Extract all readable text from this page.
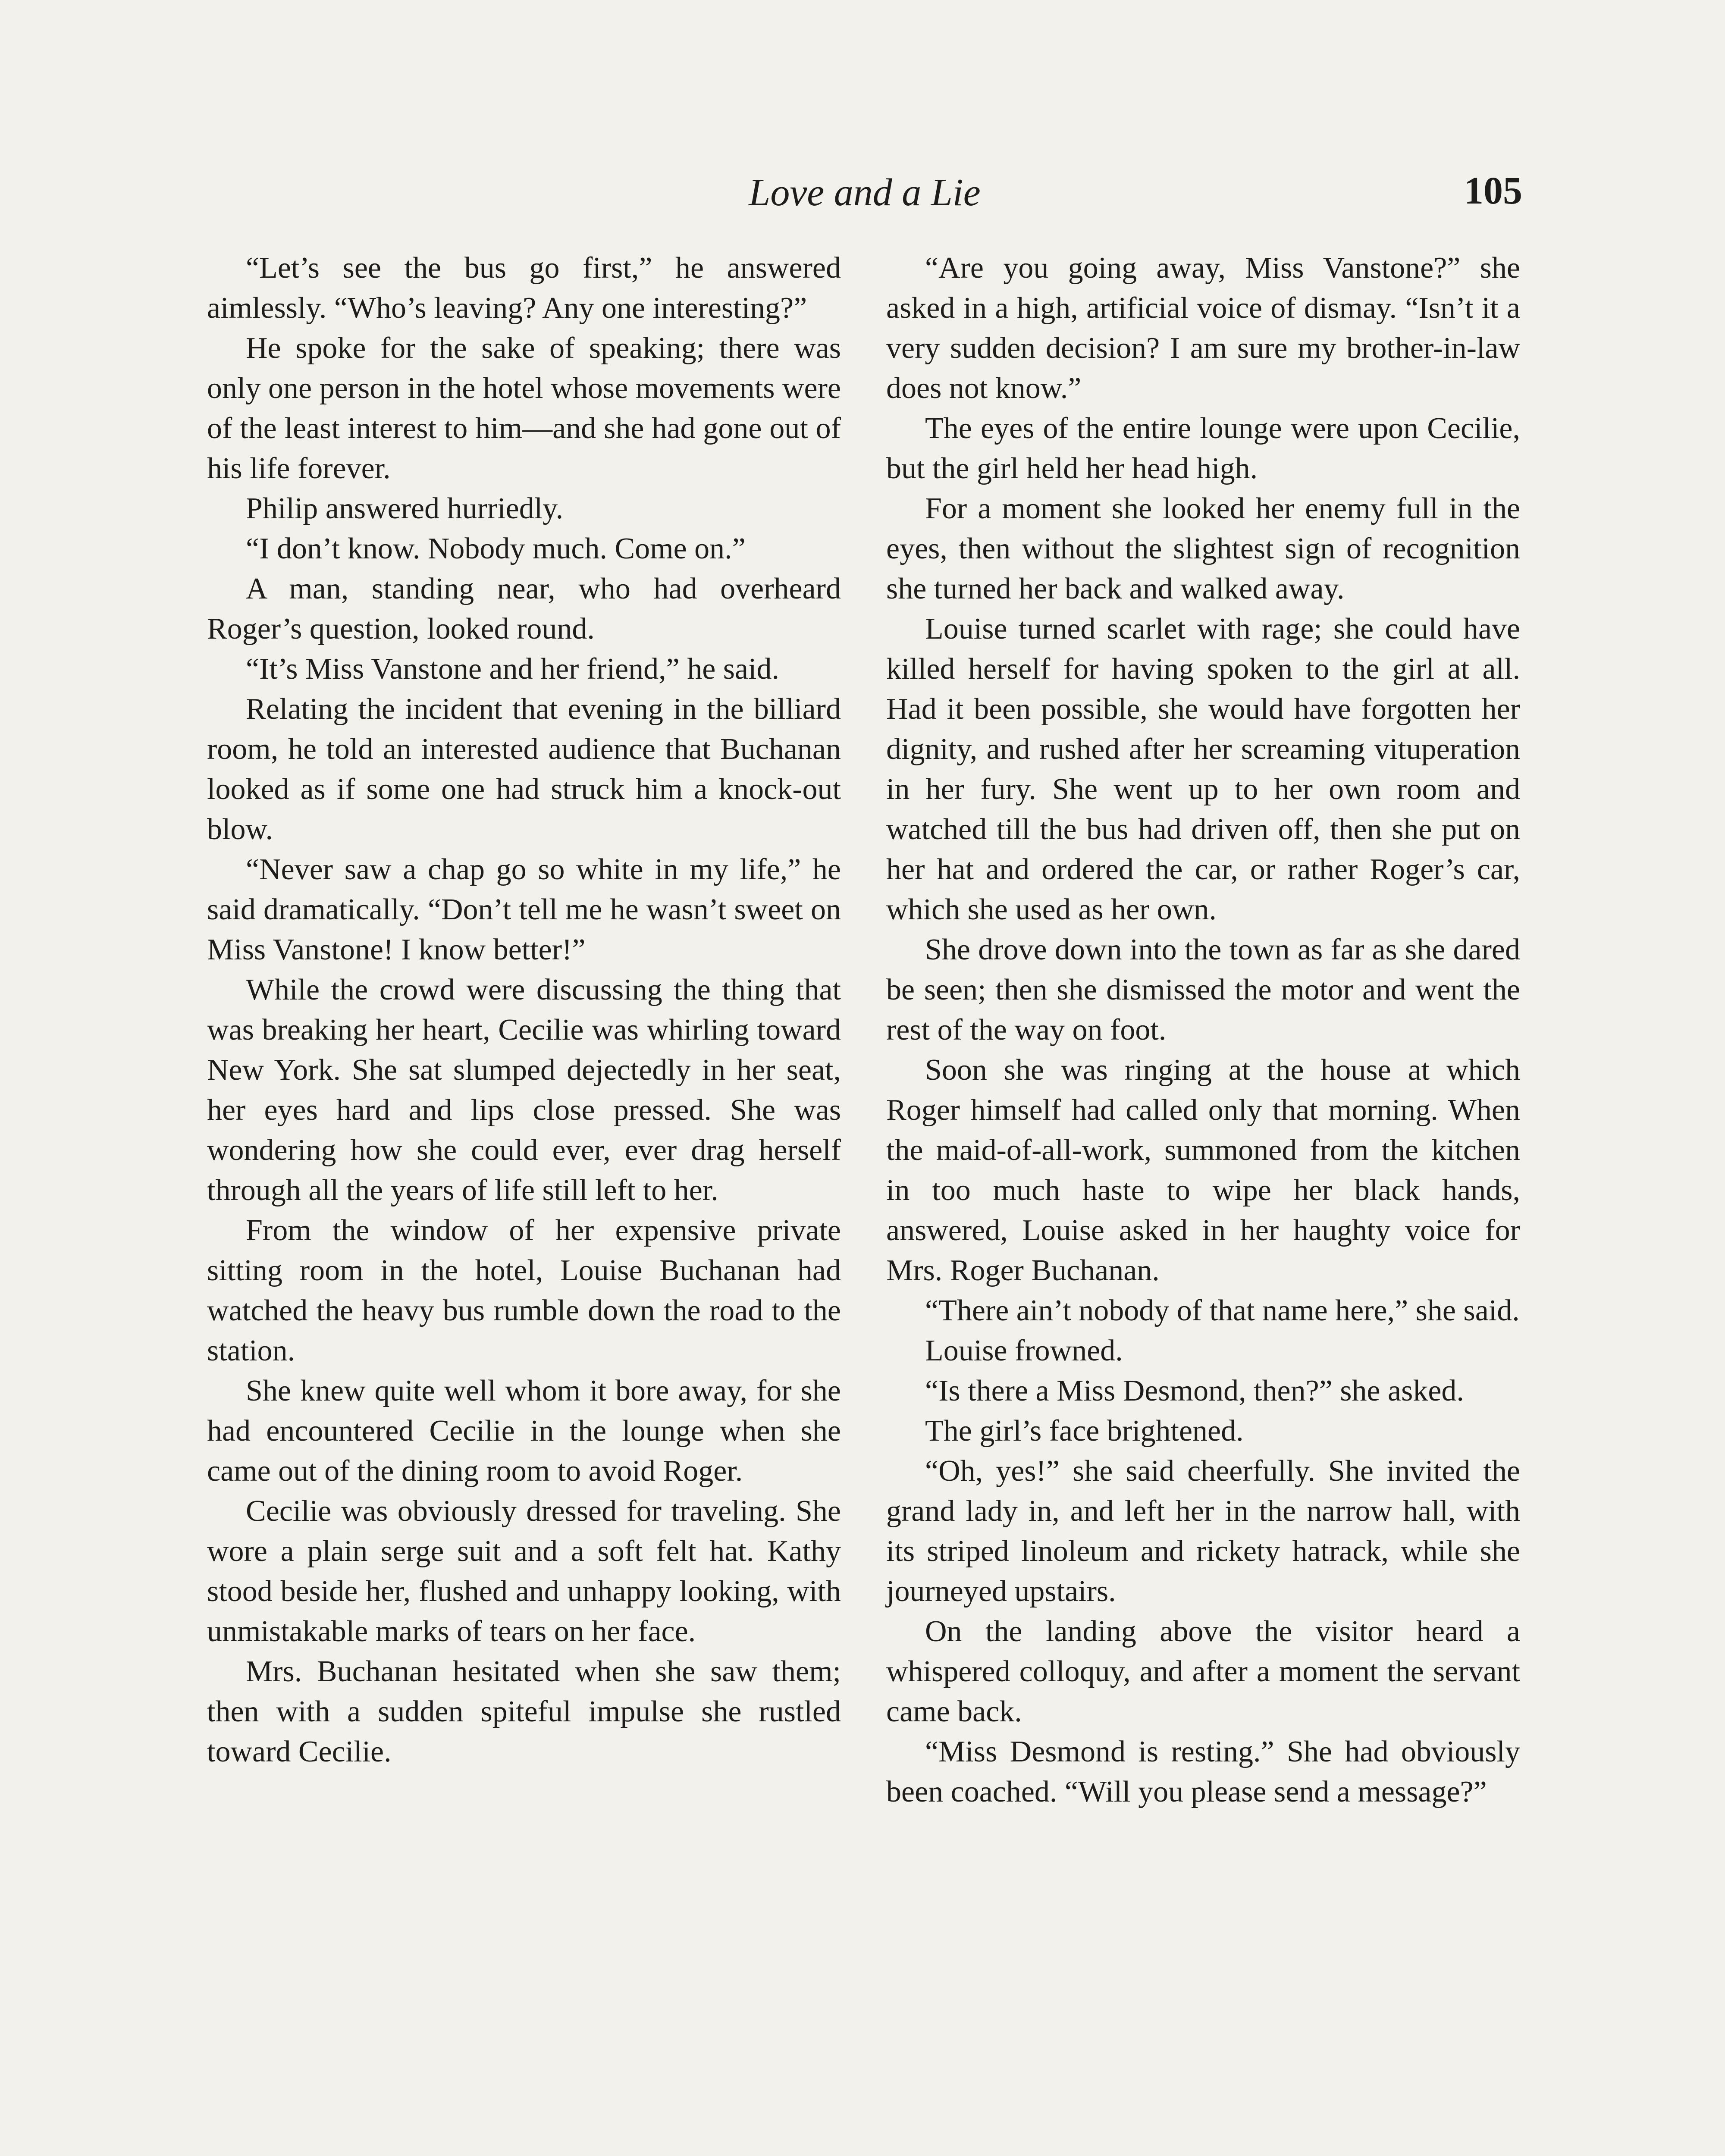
Love and a Lie	105

“Let’s see the bus go first,” he answered aimlessly. “Who’s leaving? Any one interesting?”

He spoke for the sake of speaking; there was only one person in the hotel whose movements were of the least interest to him—and she had gone out of his life forever.

Philip answered hurriedly.

“I don’t know. Nobody much. Come on.”

A man, standing near, who had overheard Roger’s question, looked round.

“It’s Miss Vanstone and her friend,” he said.

Relating the incident that evening in the billiard room, he told an interested audience that Buchanan looked as if some one had struck him a knock-out blow.

“Never saw a chap go so white in my life,” he said dramatically. “Don’t tell me he wasn’t sweet on Miss Vanstone! I know better!”

While the crowd were discussing the thing that was breaking her heart, Cecilie was whirling toward New York. She sat slumped dejectedly in her seat, her eyes hard and lips close pressed. She was wondering how she could ever, ever drag herself through all the years of life still left to her.

From the window of her expensive private sitting room in the hotel, Louise Buchanan had watched the heavy bus rumble down the road to the station.

She knew quite well whom it bore away, for she had encountered Cecilie in the lounge when she came out of the dining room to avoid Roger.

Cecilie was obviously dressed for traveling. She wore a plain serge suit and a soft felt hat. Kathy stood beside her, flushed and unhappy looking, with unmistakable marks of tears on her face.

Mrs. Buchanan hesitated when she saw them; then with a sudden spiteful impulse she rustled toward Cecilie.

“Are you going away, Miss Vanstone?” she asked in a high, artificial voice of dismay. “Isn’t it a very sudden decision? I am sure my brother-in-law does not know.”

The eyes of the entire lounge were upon Cecilie, but the girl held her head high.

For a moment she looked her enemy full in the eyes, then without the slightest sign of recognition she turned her back and walked away.

Louise turned scarlet with rage; she could have killed herself for having spoken to the girl at all. Had it been possible, she would have forgotten her dignity, and rushed after her screaming vituperation in her fury. She went up to her own room and watched till the bus had driven off, then she put on her hat and ordered the car, or rather Roger’s car, which she used as her own.

She drove down into the town as far as she dared be seen; then she dismissed the motor and went the rest of the way on foot.

Soon she was ringing at the house at which Roger himself had called only that morning. When the maid-of-all-work, summoned from the kitchen in too much haste to wipe her black hands, answered, Louise asked in her haughty voice for Mrs. Roger Buchanan.

“There ain’t nobody of that name here,” she said.

Louise frowned.

“Is there a Miss Desmond, then?” she asked.

The girl’s face brightened.

“Oh, yes!” she said cheerfully. She invited the grand lady in, and left her in the narrow hall, with its striped linoleum and rickety hatrack, while she journeyed upstairs.

On the landing above the visitor heard a whispered colloquy, and after a moment the servant came back.

“Miss Desmond is resting.” She had obviously been coached. “Will you please send a message?”
